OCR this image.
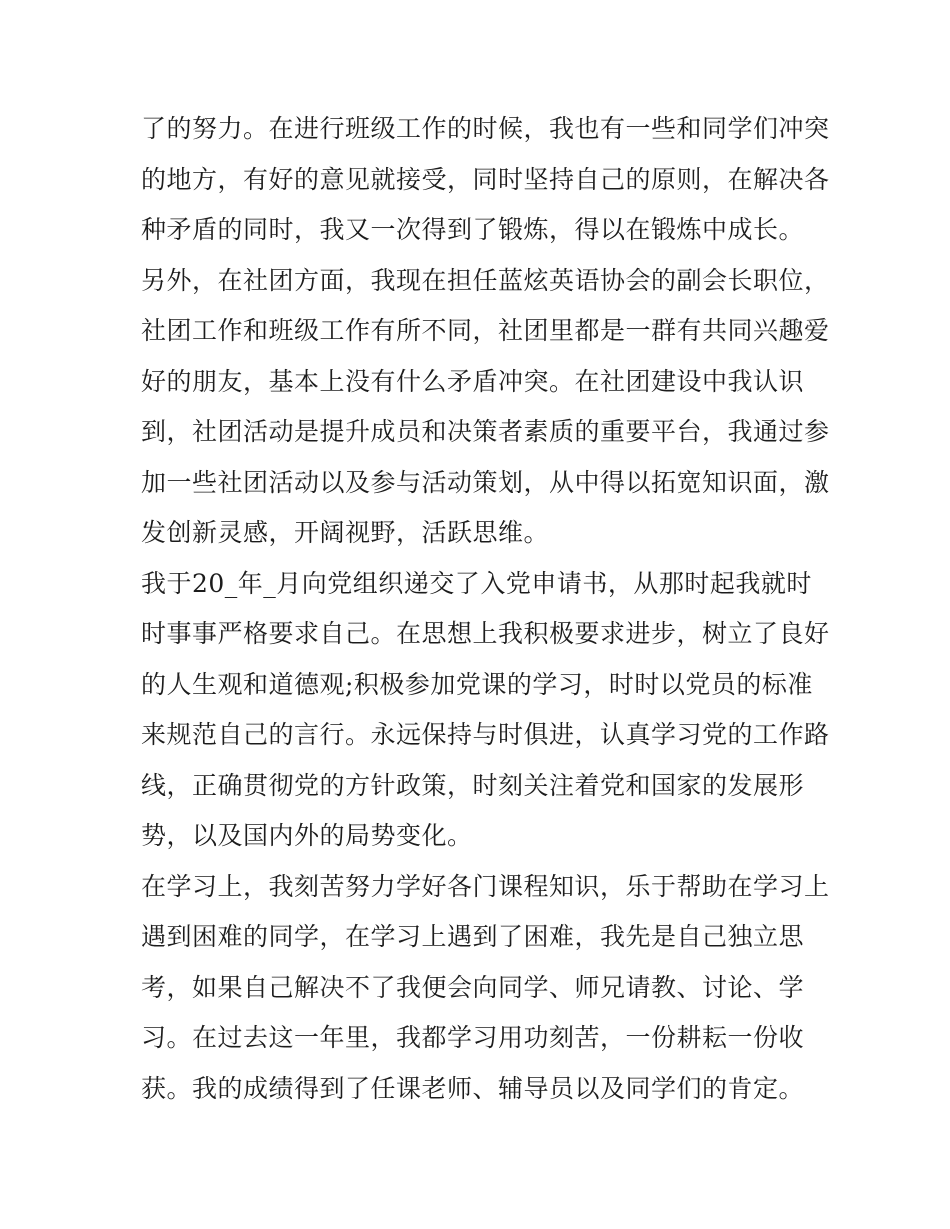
了的努力。在进行班级工作的时候，我也有一些和同学们冲突
的地方，有好的意见就接受，同时坚持自己的原则，在解决各
种矛盾的同时，我又一次得到了锻炼，得以在锻炼中成长。
另外，在社团方面，我现在担任蓝炫英语协会的副会长职位，
社团工作和班级工作有所不同，社团里都是一群有共同兴趣爱
好的朋友，基本上没有什么矛盾冲突。在社团建设中我认识
到，社团活动是提升成员和决策者素质的重要平台，我通过参
加一些社团活动以及参与活动策划，从中得以拓宽知识面，激
发创新灵感，开阔视野，活跃思维。
我于20_年_月向党组织递交了入党申请书，从那时起我就时
时事事严格要求自己。在思想上我积极要求进步，树立了良好
的人生观和道德观;积极参加党课的学习，时时以党员的标准
来规范自己的言行。永远保持与时俱进，认真学习党的工作路
线，正确贯彻党的方针政策，时刻关注着党和国家的发展形
势，以及国内外的局势变化。
在学习上，我刻苦努力学好各门课程知识，乐于帮助在学习上
遇到困难的同学，在学习上遇到了困难，我先是自己独立思
考，如果自己解决不了我便会向同学、师兄请教、讨论、学
习。在过去这一年里，我都学习用功刻苦，一份耕耘一份收
获。我的成绩得到了任课老师、辅导员以及同学们的肯定。
